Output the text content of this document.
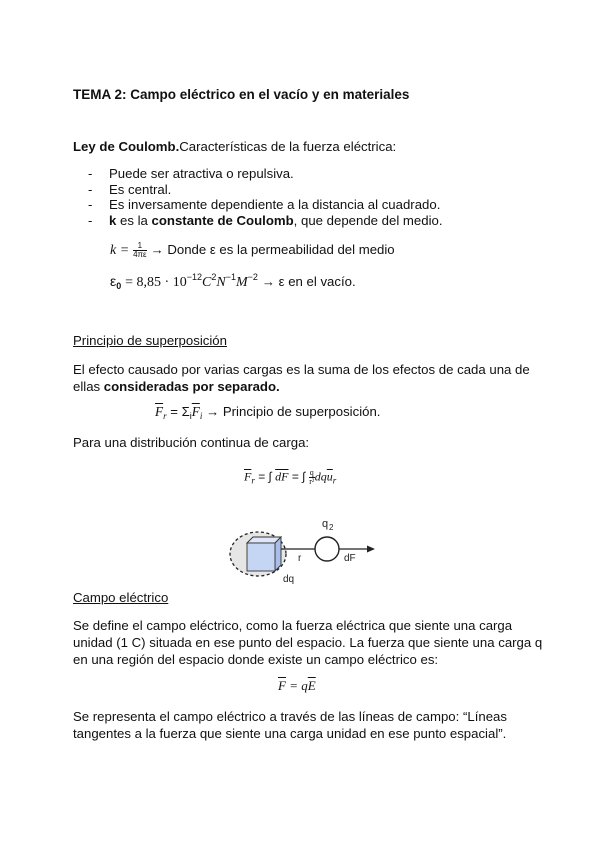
TEMA 2: Campo eléctrico en el vacío y en materiales
Ley de Coulomb.Características de la fuerza eléctrica:
- Puede ser atractiva o repulsiva.
- Es central.
- Es inversamente dependiente a la distancia al cuadrado.
- k es la constante de Coulomb, que depende del medio.
$k = \frac{1}{4\pi\varepsilon}$ → Donde ε es la permeabilidad del medio
$\varepsilon_0 = 8,85 \cdot 10^{-12}C^2N^{-1}M^{-2} \to \varepsilon$ en el vacío.
Principio de superposición
El efecto causado por varias cargas es la suma de los efectos de cada una de ellas consideradas por separado.
$\overline{F}_r = \Sigma_i\overline{F}_i$ → Principio de superposición.
Para una distribución continua de carga:
$\overline{F}_r$ = ∫ $\overline{dF}$ = ∫ $\frac{q}{\text{r²}} dq\overline{u}_r$
q 2
r	dF
dq
Campo eléctrico
Se define el campo eléctrico, como la fuerza eléctrica que siente una carga unidad (1 C) situada en ese punto del espacio. La fuerza que siente una carga q en una región del espacio donde existe un campo eléctrico es:
$\overline{F} = q\overline{E}$
Se representa el campo eléctrico a través de las líneas de campo: “Líneas tangentes a la fuerza que siente una carga unidad en ese punto espacial”.
